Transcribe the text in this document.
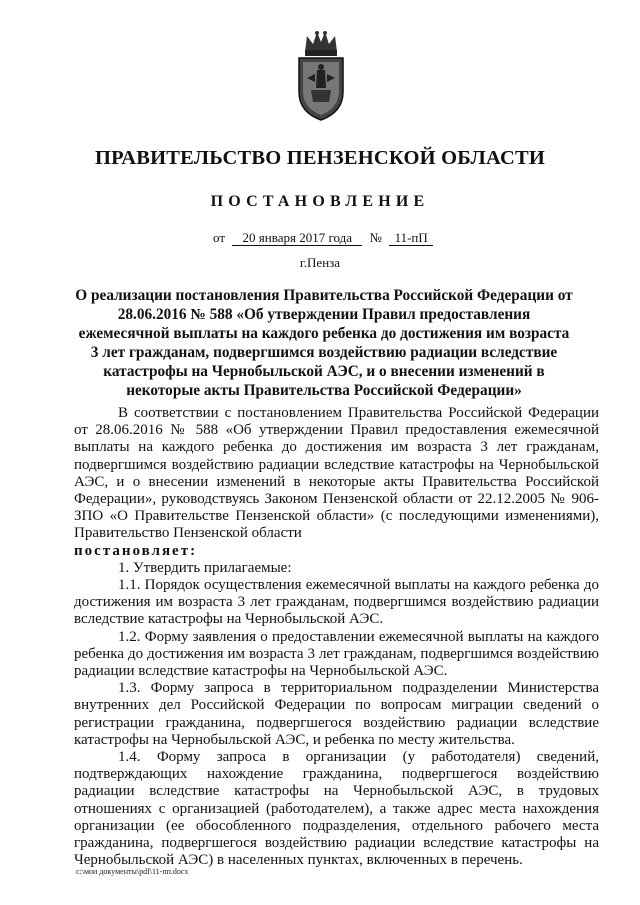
ПРАВИТЕЛЬСТВО ПЕНЗЕНСКОЙ ОБЛАСТИ
ПОСТАНОВЛЕНИЕ
от 20 января 2017 года № 11-пП
г.Пенза
О реализации постановления Правительства Российской Федерации от 28.06.2016 № 588 «Об утверждении Правил предоставления ежемесячной выплаты на каждого ребенка до достижения им возраста 3 лет гражданам, подвергшимся воздействию радиации вследствие катастрофы на Чернобыльской АЭС, и о внесении изменений в некоторые акты Правительства Российской Федерации»

В соответствии с постановлением Правительства Российской Федерации от 28.06.2016 № 588 «Об утверждении Правил предоставления ежемесячной выплаты на каждого ребенка до достижения им возраста 3 лет гражданам, подвергшимся воздействию радиации вследствие катастрофы на Чернобыльской АЭС, и о внесении изменений в некоторые акты Правительства Российской Федерации», руководствуясь Законом Пензенской области от 22.12.2005 № 906-ЗПО «О Правительстве Пензенской области» (с последующими изменениями), Правительство Пензенской области

постановляет:

1. Утвердить прилагаемые:

1.1. Порядок осуществления ежемесячной выплаты на каждого ребенка до достижения им возраста 3 лет гражданам, подвергшимся воздействию радиации вследствие катастрофы на Чернобыльской АЭС.

1.2. Форму заявления о предоставлении ежемесячной выплаты на каждого ребенка до достижения им возраста 3 лет гражданам, подвергшимся воздействию радиации вследствие катастрофы на Чернобыльской АЭС.

1.3. Форму запроса в территориальном подразделении Министерства внутренних дел Российской Федерации по вопросам миграции сведений о регистрации гражданина, подвергшегося воздействию радиации вследствие катастрофы на Чернобыльской АЭС, и ребенка по месту жительства.

1.4. Форму запроса в организации (у работодателя) сведений, подтверждающих нахождение гражданина, подвергшегося воздействию радиации вследствие катастрофы на Чернобыльской АЭС, в трудовых отношениях с организацией (работодателем), а также адрес места нахождения организации (ее обособленного подразделения, отдельного рабочего места гражданина, подвергшегося воздействию радиации вследствие катастрофы на Чернобыльской АЭС) в населенных пунктах, включенных в перечень.

c:\мои документы\pdf\11-пп.docx
